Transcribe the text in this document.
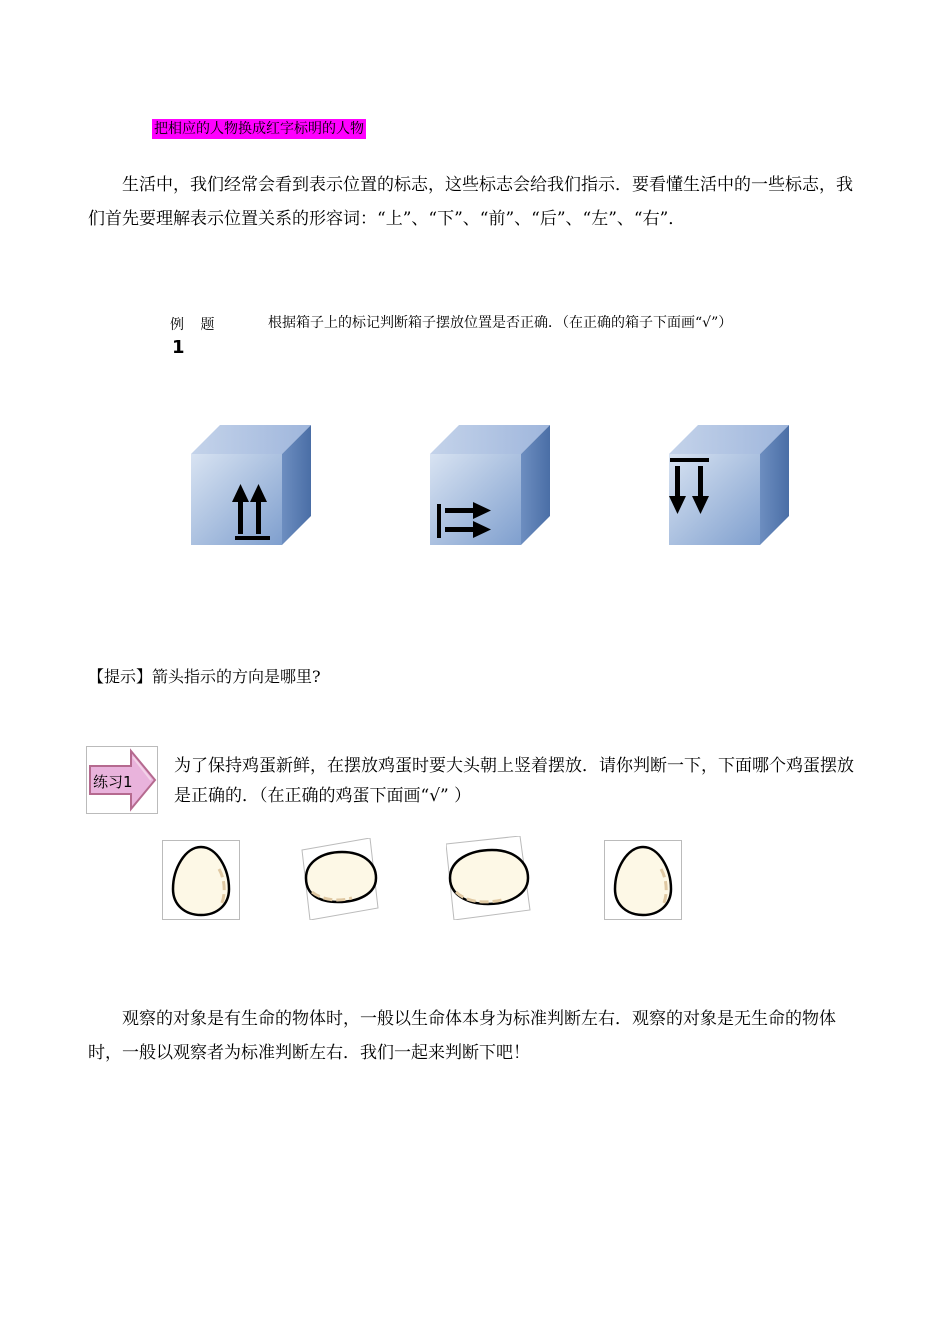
把相应的人物换成红字标明的人物
生活中，我们经常会看到表示位置的标志，这些标志会给我们指示．要看懂生活中的一些标志，我们首先要理解表示位置关系的形容词：“上”、“下”、“前”、“后”、“左”、“右”．
例 题
1
根据箱子上的标记判断箱子摆放位置是否正确．（在正确的箱子下面画“√”）
【提示】箭头指示的方向是哪里?
练习1
为了保持鸡蛋新鲜，在摆放鸡蛋时要大头朝上竖着摆放．请你判断一下，下面哪个鸡蛋摆放是正确的．（在正确的鸡蛋下面画“√” ）
观察的对象是有生命的物体时，一般以生命体本身为标准判断左右．观察的对象是无生命的物体时，一般以观察者为标准判断左右．我们一起来判断下吧！
